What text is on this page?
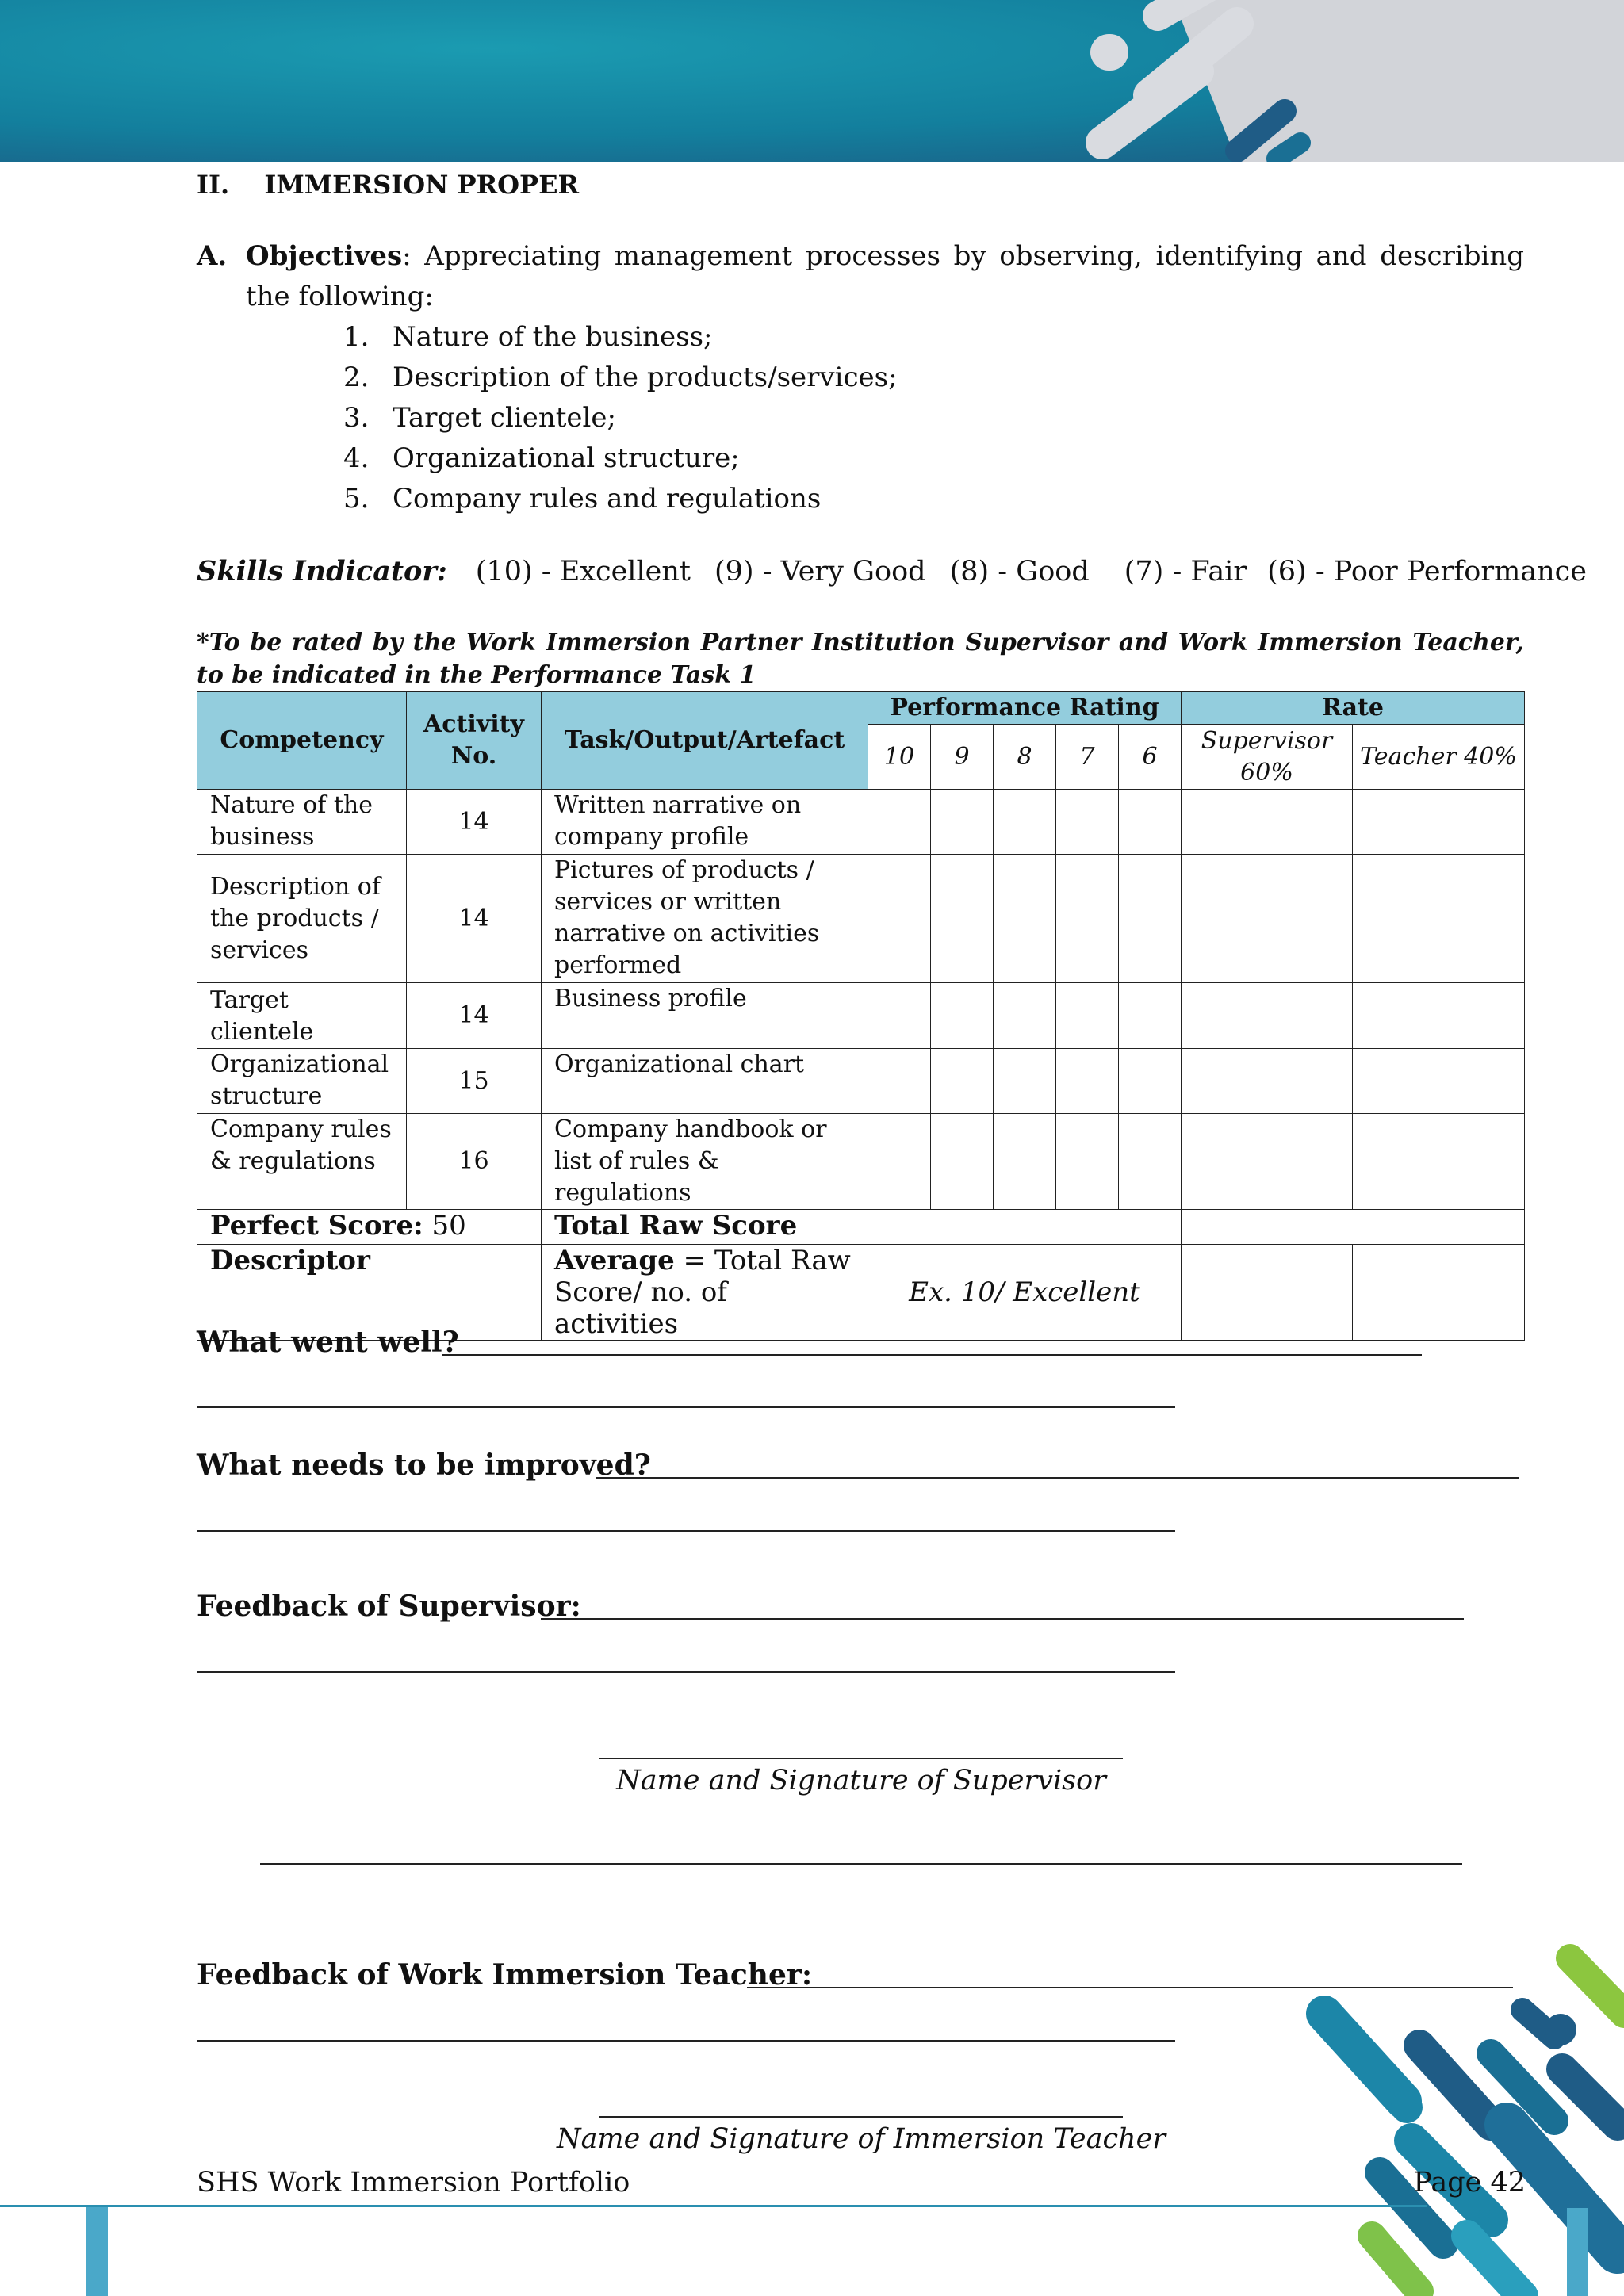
II. IMMERSION PROPER
A. Objectives: Appreciating management processes by observing, identifying and describing the following:
1. Nature of the business;
2. Description of the products/services;
3. Target clientele;
4. Organizational structure;
5. Company rules and regulations
Skills Indicator: (10) - Excellent (9) - Very Good (8) - Good (7) - Fair (6) - Poor Performance
*To be rated by the Work Immersion Partner Institution Supervisor and Work Immersion Teacher, to be indicated in the Performance Task 1
Competency	Activity No.	Task/Output/Artefact	Performance Rating					Rate	
			10	9	8	7	6	Supervisor 60%	Teacher 40%
Nature of the business	14	Written narrative on company profile							
Description of the products / services	14	Pictures of products / services or written narrative on activities performed							
Target clientele	14	Business profile							
Organizational structure	15	Organizational chart							
Company rules & regulations	16	Company handbook or list of rules & regulations							
Perfect Score: 50		Total Raw Score							
Descriptor		Average = Total Raw Score/ no. of activities	Ex. 10/ Excellent						
What went well?
What needs to be improved?
Feedback of Supervisor:
Name and Signature of Supervisor
Feedback of Work Immersion Teacher:
Name and Signature of Immersion Teacher
SHS Work Immersion Portfolio	Page 42
